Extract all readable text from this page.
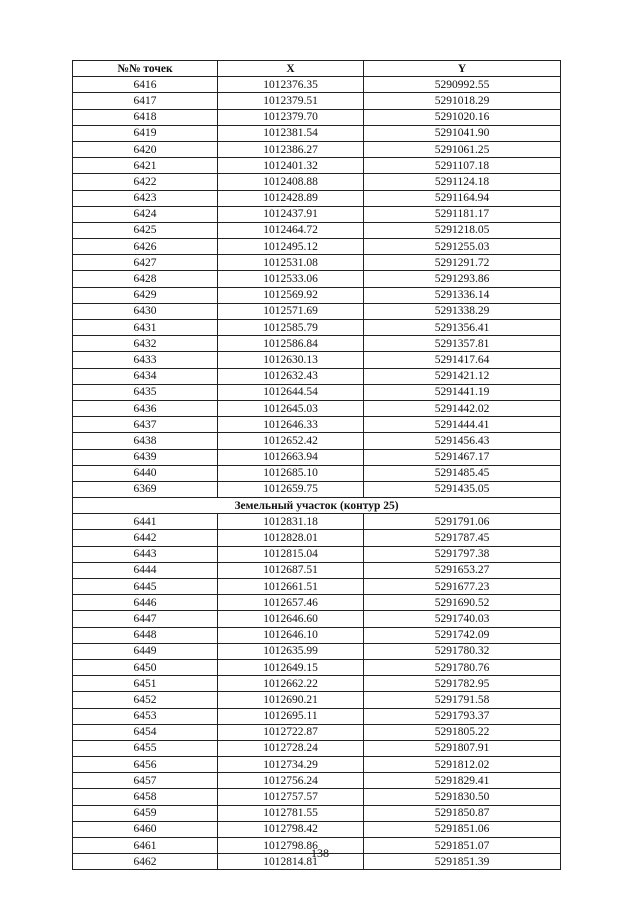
№№ точек	X	Y
6416	1012376.35	5290992.55
6417	1012379.51	5291018.29
6418	1012379.70	5291020.16
6419	1012381.54	5291041.90
6420	1012386.27	5291061.25
6421	1012401.32	5291107.18
6422	1012408.88	5291124.18
6423	1012428.89	5291164.94
6424	1012437.91	5291181.17
6425	1012464.72	5291218.05
6426	1012495.12	5291255.03
6427	1012531.08	5291291.72
6428	1012533.06	5291293.86
6429	1012569.92	5291336.14
6430	1012571.69	5291338.29
6431	1012585.79	5291356.41
6432	1012586.84	5291357.81
6433	1012630.13	5291417.64
6434	1012632.43	5291421.12
6435	1012644.54	5291441.19
6436	1012645.03	5291442.02
6437	1012646.33	5291444.41
6438	1012652.42	5291456.43
6439	1012663.94	5291467.17
6440	1012685.10	5291485.45
6369	1012659.75	5291435.05
Земельный участок (контур 25)		
6441	1012831.18	5291791.06
6442	1012828.01	5291787.45
6443	1012815.04	5291797.38
6444	1012687.51	5291653.27
6445	1012661.51	5291677.23
6446	1012657.46	5291690.52
6447	1012646.60	5291740.03
6448	1012646.10	5291742.09
6449	1012635.99	5291780.32
6450	1012649.15	5291780.76
6451	1012662.22	5291782.95
6452	1012690.21	5291791.58
6453	1012695.11	5291793.37
6454	1012722.87	5291805.22
6455	1012728.24	5291807.91
6456	1012734.29	5291812.02
6457	1012756.24	5291829.41
6458	1012757.57	5291830.50
6459	1012781.55	5291850.87
6460	1012798.42	5291851.06
6461	1012798.86	5291851.07
6462	1012814.81	5291851.39
138
